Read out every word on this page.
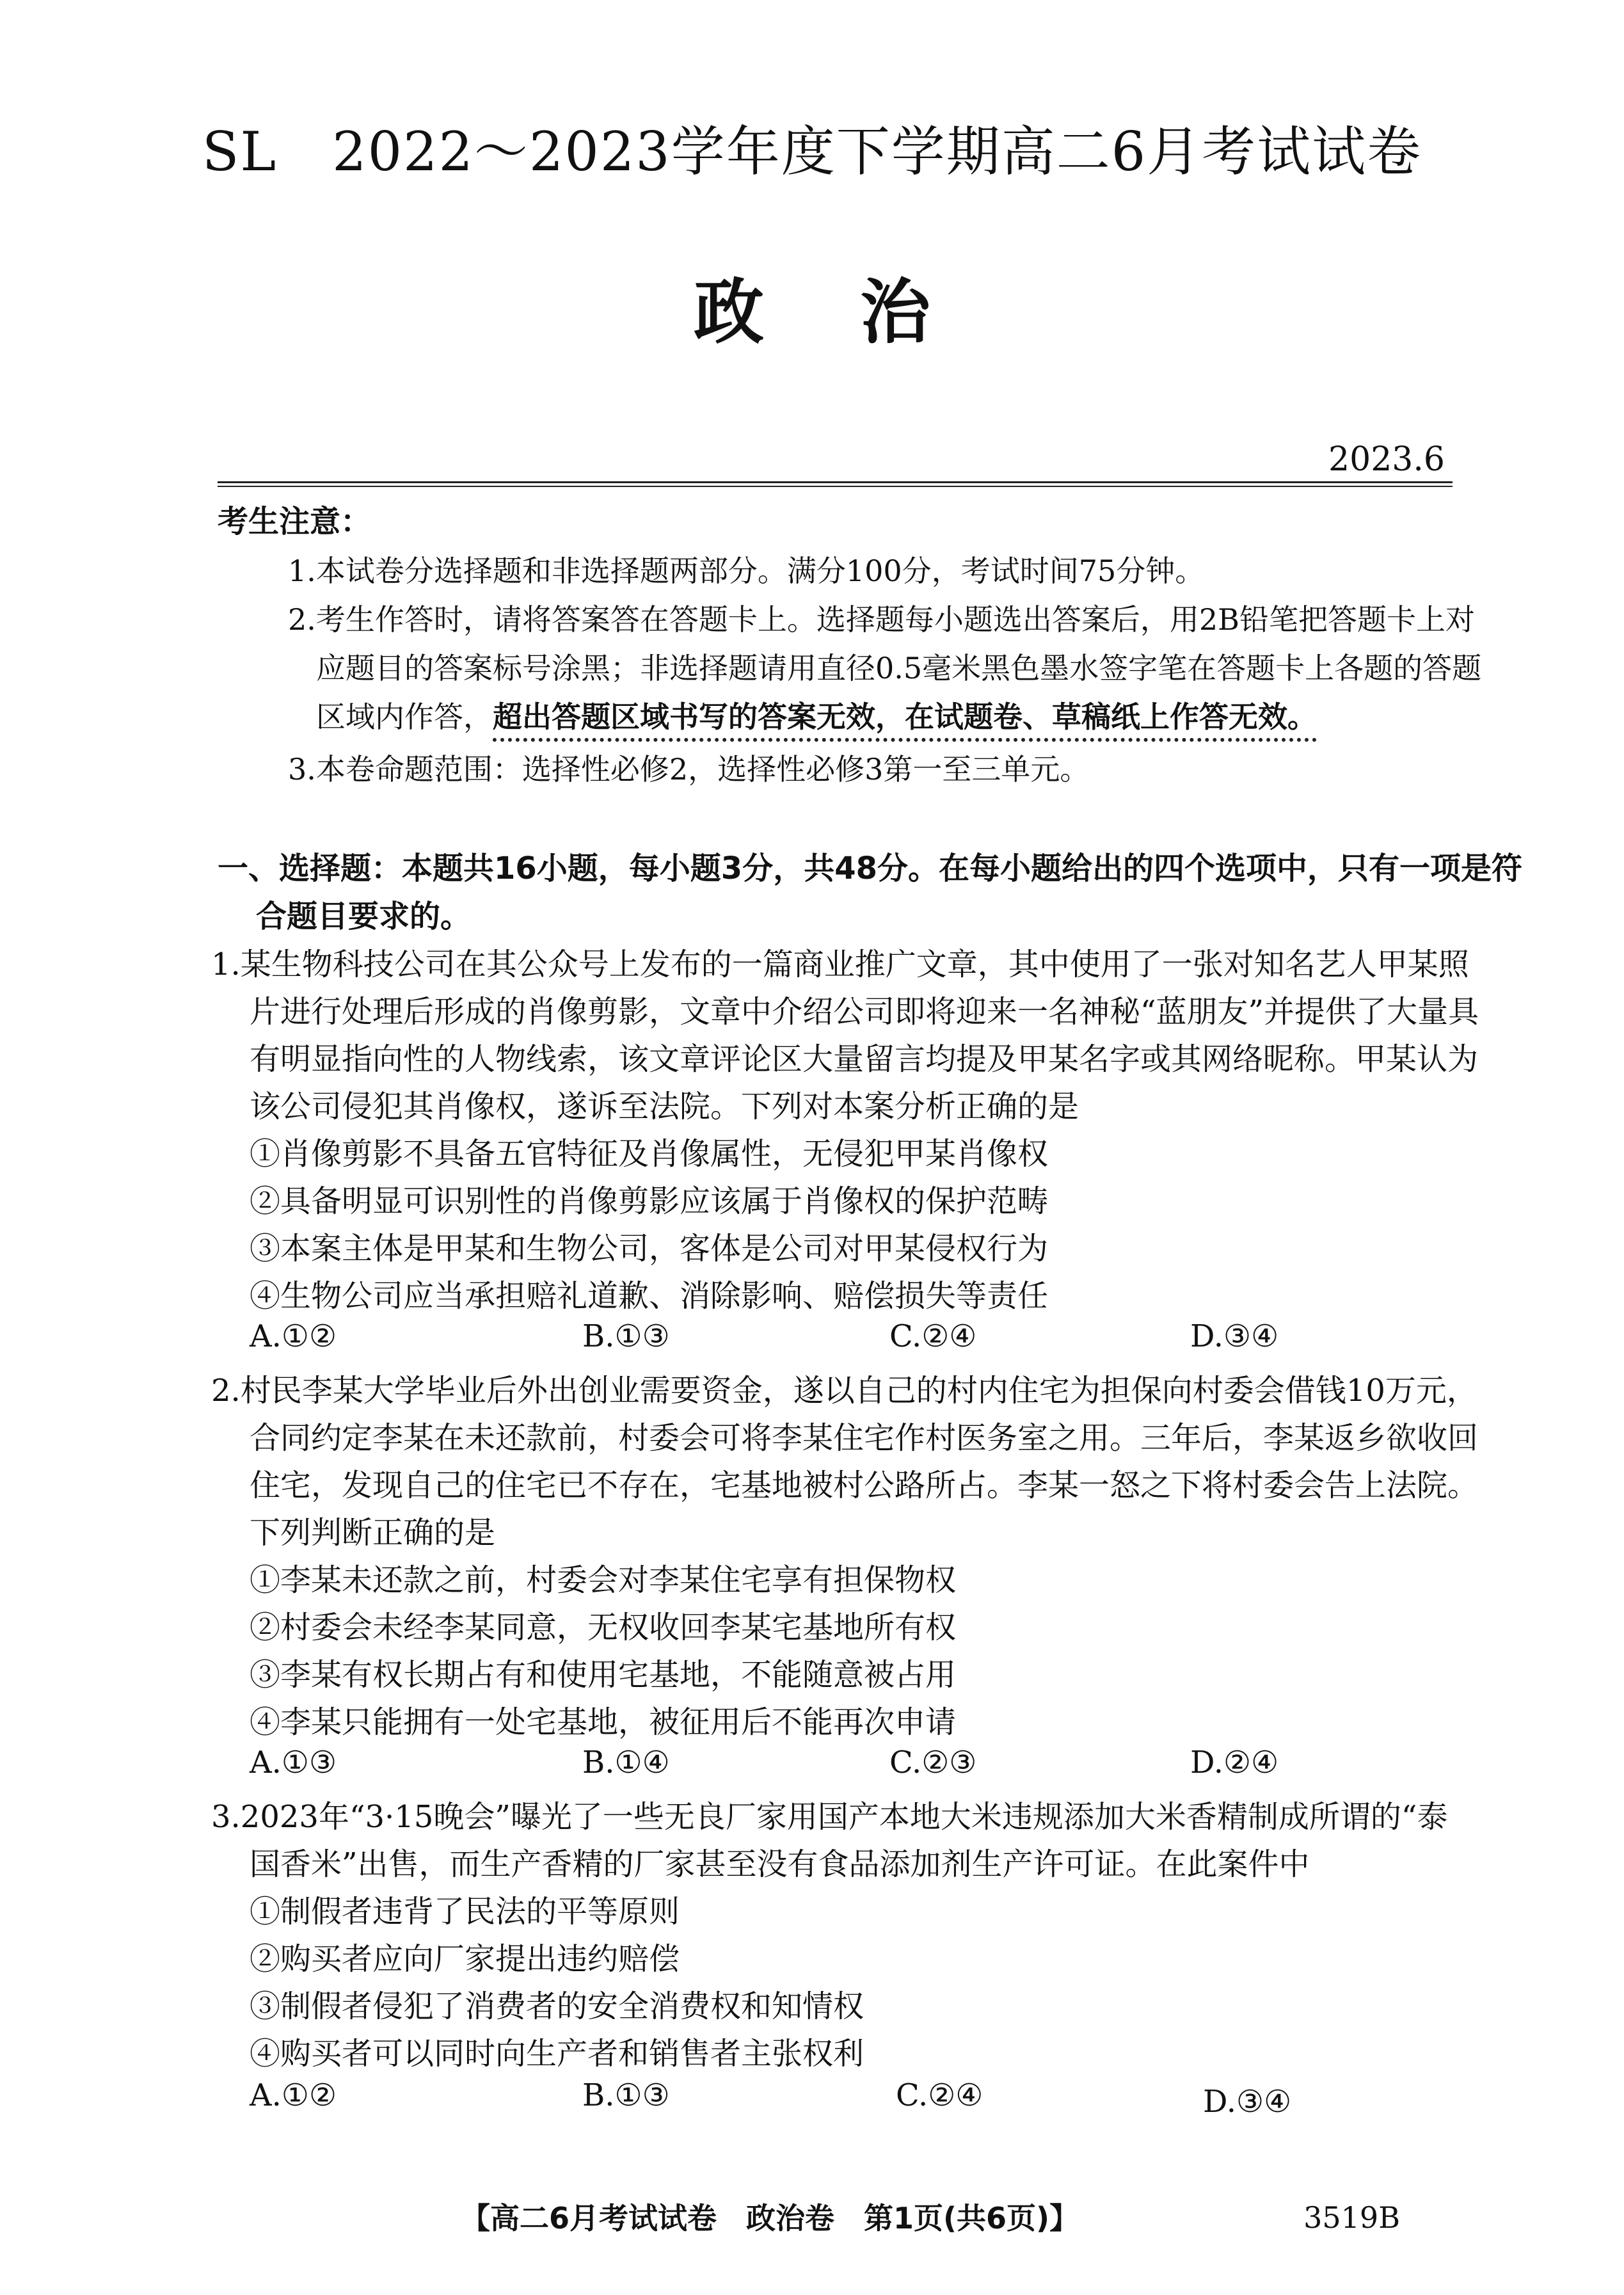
SL　2022～2023学年度下学期高二6月考试试卷
政治
2023.6
考生注意：
1.本试卷分选择题和非选择题两部分。满分100分，考试时间75分钟。
2.考生作答时，请将答案答在答题卡上。选择题每小题选出答案后，用2B铅笔把答题卡上对
应题目的答案标号涂黑；非选择题请用直径0.5毫米黑色墨水签字笔在答题卡上各题的答题
区域内作答，超出答题区域书写的答案无效，在试题卷、草稿纸上作答无效。
3.本卷命题范围：选择性必修2，选择性必修3第一至三单元。
一、选择题：本题共16小题，每小题3分，共48分。在每小题给出的四个选项中，只有一项是符
合题目要求的。
1.某生物科技公司在其公众号上发布的一篇商业推广文章，其中使用了一张对知名艺人甲某照
片进行处理后形成的肖像剪影，文章中介绍公司即将迎来一名神秘“蓝朋友”并提供了大量具
有明显指向性的人物线索，该文章评论区大量留言均提及甲某名字或其网络昵称。甲某认为
该公司侵犯其肖像权，遂诉至法院。下列对本案分析正确的是
①肖像剪影不具备五官特征及肖像属性，无侵犯甲某肖像权
②具备明显可识别性的肖像剪影应该属于肖像权的保护范畴
③本案主体是甲某和生物公司，客体是公司对甲某侵权行为
④生物公司应当承担赔礼道歉、消除影响、赔偿损失等责任
A.①②	B.①③	C.②④	D.③④
2.村民李某大学毕业后外出创业需要资金，遂以自己的村内住宅为担保向村委会借钱10万元，
合同约定李某在未还款前，村委会可将李某住宅作村医务室之用。三年后，李某返乡欲收回
住宅，发现自己的住宅已不存在，宅基地被村公路所占。李某一怒之下将村委会告上法院。
下列判断正确的是
①李某未还款之前，村委会对李某住宅享有担保物权
②村委会未经李某同意，无权收回李某宅基地所有权
③李某有权长期占有和使用宅基地，不能随意被占用
④李某只能拥有一处宅基地，被征用后不能再次申请
A.①③	B.①④	C.②③	D.②④
3.2023年“3·15晚会”曝光了一些无良厂家用国产本地大米违规添加大米香精制成所谓的“泰
国香米”出售，而生产香精的厂家甚至没有食品添加剂生产许可证。在此案件中
①制假者违背了民法的平等原则
②购买者应向厂家提出违约赔偿
③制假者侵犯了消费者的安全消费权和知情权
④购买者可以同时向生产者和销售者主张权利
A.①②	B.①③	C.②④	D.③④
【高二6月考试试卷　政治卷　第1页(共6页)】	3519B
